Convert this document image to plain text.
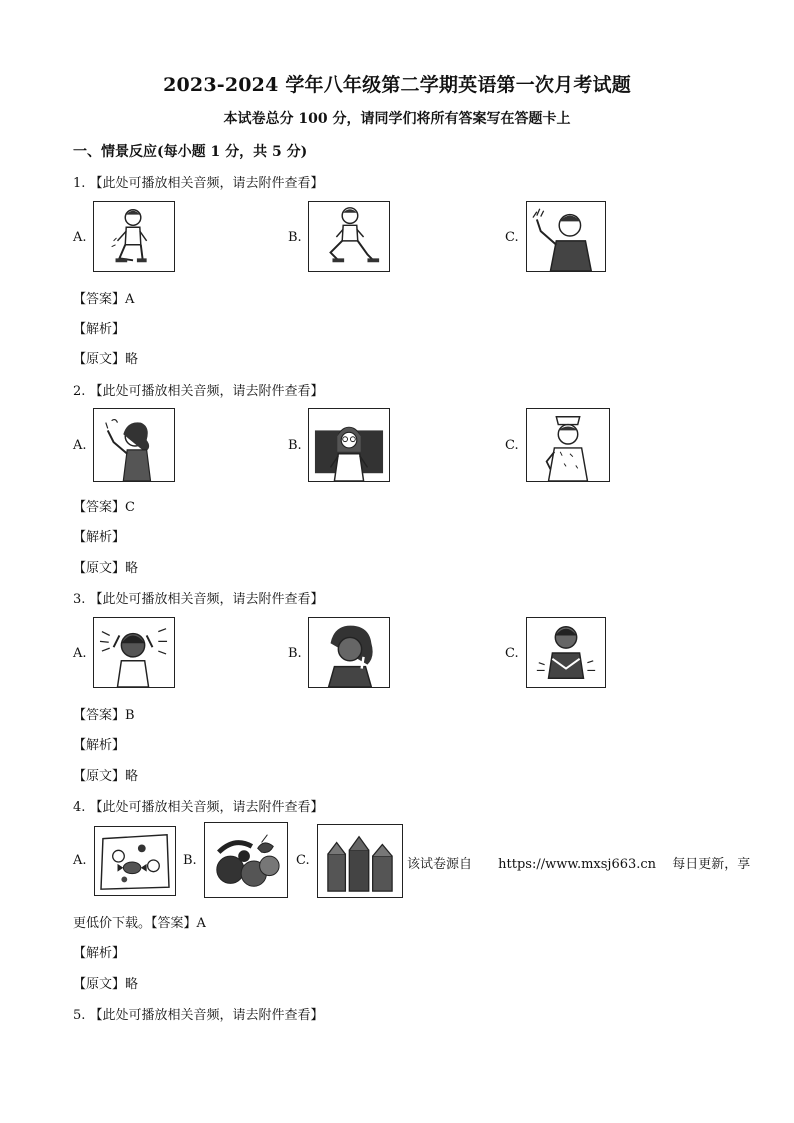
2023-2024 学年八年级第二学期英语第一次月考试题
本试卷总分 100 分，请同学们将所有答案写在答题卡上
一、情景反应(每小题 1 分，共 5 分)
1. 【此处可播放相关音频，请去附件查看】
A.	B.	C.
【答案】A
【解析】
【原文】略
2. 【此处可播放相关音频，请去附件查看】
A.	B.	C.
【答案】C
【解析】
【原文】略
3. 【此处可播放相关音频，请去附件查看】
A.	B.	C.
【答案】B
【解析】
【原文】略
4. 【此处可播放相关音频，请去附件查看】
A.	B.	C.	该试卷源自 https://www.mxsj663.cn 每日更新，享
更低价下载。【答案】A
【解析】
【原文】略
5. 【此处可播放相关音频，请去附件查看】
